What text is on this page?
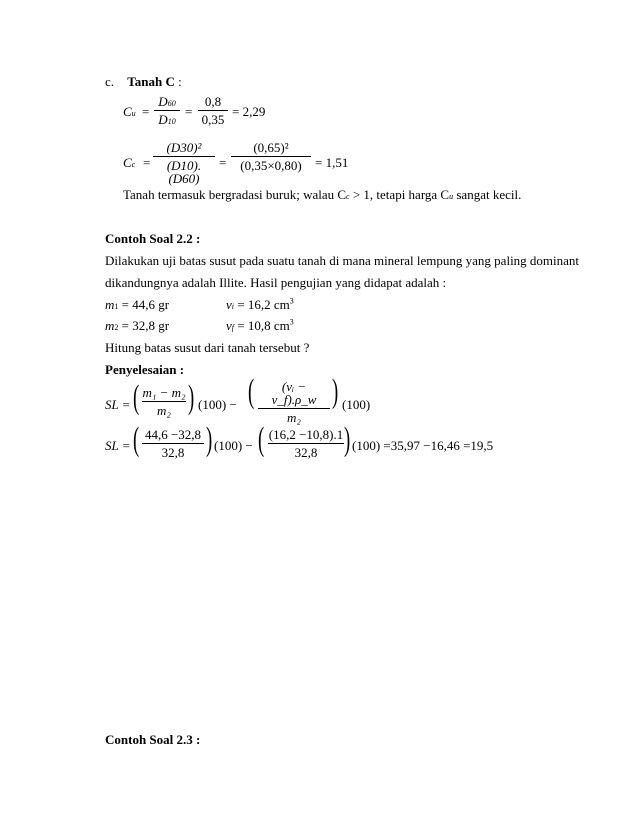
c. Tanah C :
Cu =
D60
D10
=
0,8
0,35
= 2,29
Cc =
(D30)²
(D10).(D60)
=
(0,65)²
(0,35×0,80)	= 1,51
Tanah termasuk bergradasi buruk; walau Cc > 1, tetapi harga Cu sangat kecil.
Contoh Soal 2.2 :
Dilakukan uji batas susut pada suatu tanah di mana mineral lempung yang paling dominant
dikandungnya adalah Illite. Hasil pengujian yang didapat adalah :
m1 = 44,6 gr	vi = 16,2 $cm^3$
m2 = 32,8 gr	vf = 10,8 $cm^3$
Hitung batas susut dari tanah tersebut ?
Penyelesaian :
SL = ( m₁ − m₂
m₂ ) (100) − (	(vᵢ − v_f).ρ_w
m₂
) (100)
SL = ( 44,6 −32,8
32,8 ) (100) − ( (16,2 −10,8).1
32,8 ) (100) =35,97 −16,46 =19,5
Contoh Soal 2.3 :
